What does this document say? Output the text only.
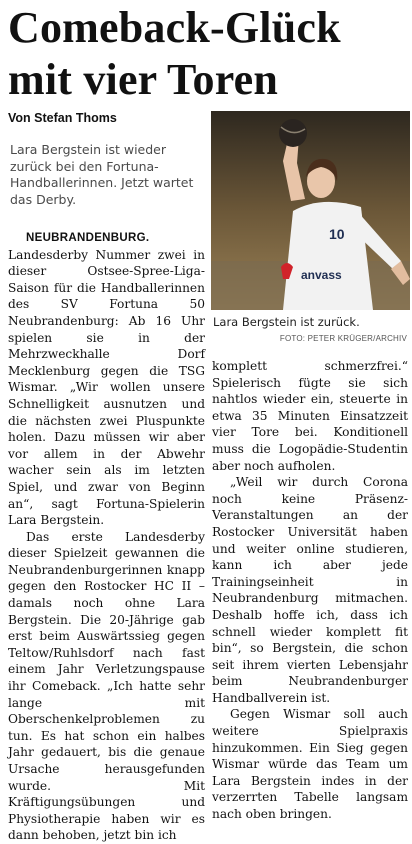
Comeback-Glück
mit vier Toren
Von Stefan Thoms

Lara Bergstein ist wieder zurück bei den Fortuna-Handballerinnen. Jetzt wartet das Derby.

NEUBRANDENBURG. Landesderby Nummer zwei in dieser Ostsee-Spree-Liga-Saison für die Handballerinnen des SV Fortuna 50 Neubrandenburg: Ab 16 Uhr spielen sie in der Mehrzweckhalle Dorf Mecklenburg gegen die TSG Wismar. „Wir wollen unsere Schnelligkeit ausnutzen und die nächsten zwei Pluspunkte holen. Dazu müssen wir aber vor allem in der Abwehr wacher sein als im letzten Spiel, und zwar von Beginn an“, sagt Fortuna-Spielerin Lara Bergstein.

Das erste Landesderby dieser Spielzeit gewannen die Neubrandenburgerinnen knapp gegen den Rostocker HC II – damals noch ohne Lara Bergstein. Die 20-Jährige gab erst beim Auswärtssieg gegen Teltow/Ruhlsdorf nach fast einem Jahr Verletzungspause ihr Comeback. „Ich hatte sehr lange mit Oberschenkelproblemen zu tun. Es hat schon ein halbes Jahr gedauert, bis die genaue Ursache herausgefunden wurde. Mit Kräftigungsübungen und Physiotherapie haben wir es dann behoben, jetzt bin ich

10
anvass
Lara Bergstein ist zurück.
FOTO: PETER KRÜGER/ARCHIV

komplett schmerzfrei.“ Spielerisch fügte sie sich nahtlos wieder ein, steuerte in etwa 35 Minuten Einsatzzeit vier Tore bei. Konditionell muss die Logopädie-Studentin aber noch aufholen.

„Weil wir durch Corona noch keine Präsenz-Veranstaltungen an der Rostocker Universität haben und weiter online studieren, kann ich aber jede Trainingseinheit in Neubrandenburg mitmachen. Deshalb hoffe ich, dass ich schnell wieder komplett fit bin“, so Bergstein, die schon seit ihrem vierten Lebensjahr beim Neubrandenburger Handballverein ist.

Gegen Wismar soll auch weitere Spielpraxis hinzukommen. Ein Sieg gegen Wismar würde das Team um Lara Bergstein indes in der verzerrten Tabelle langsam nach oben bringen.
